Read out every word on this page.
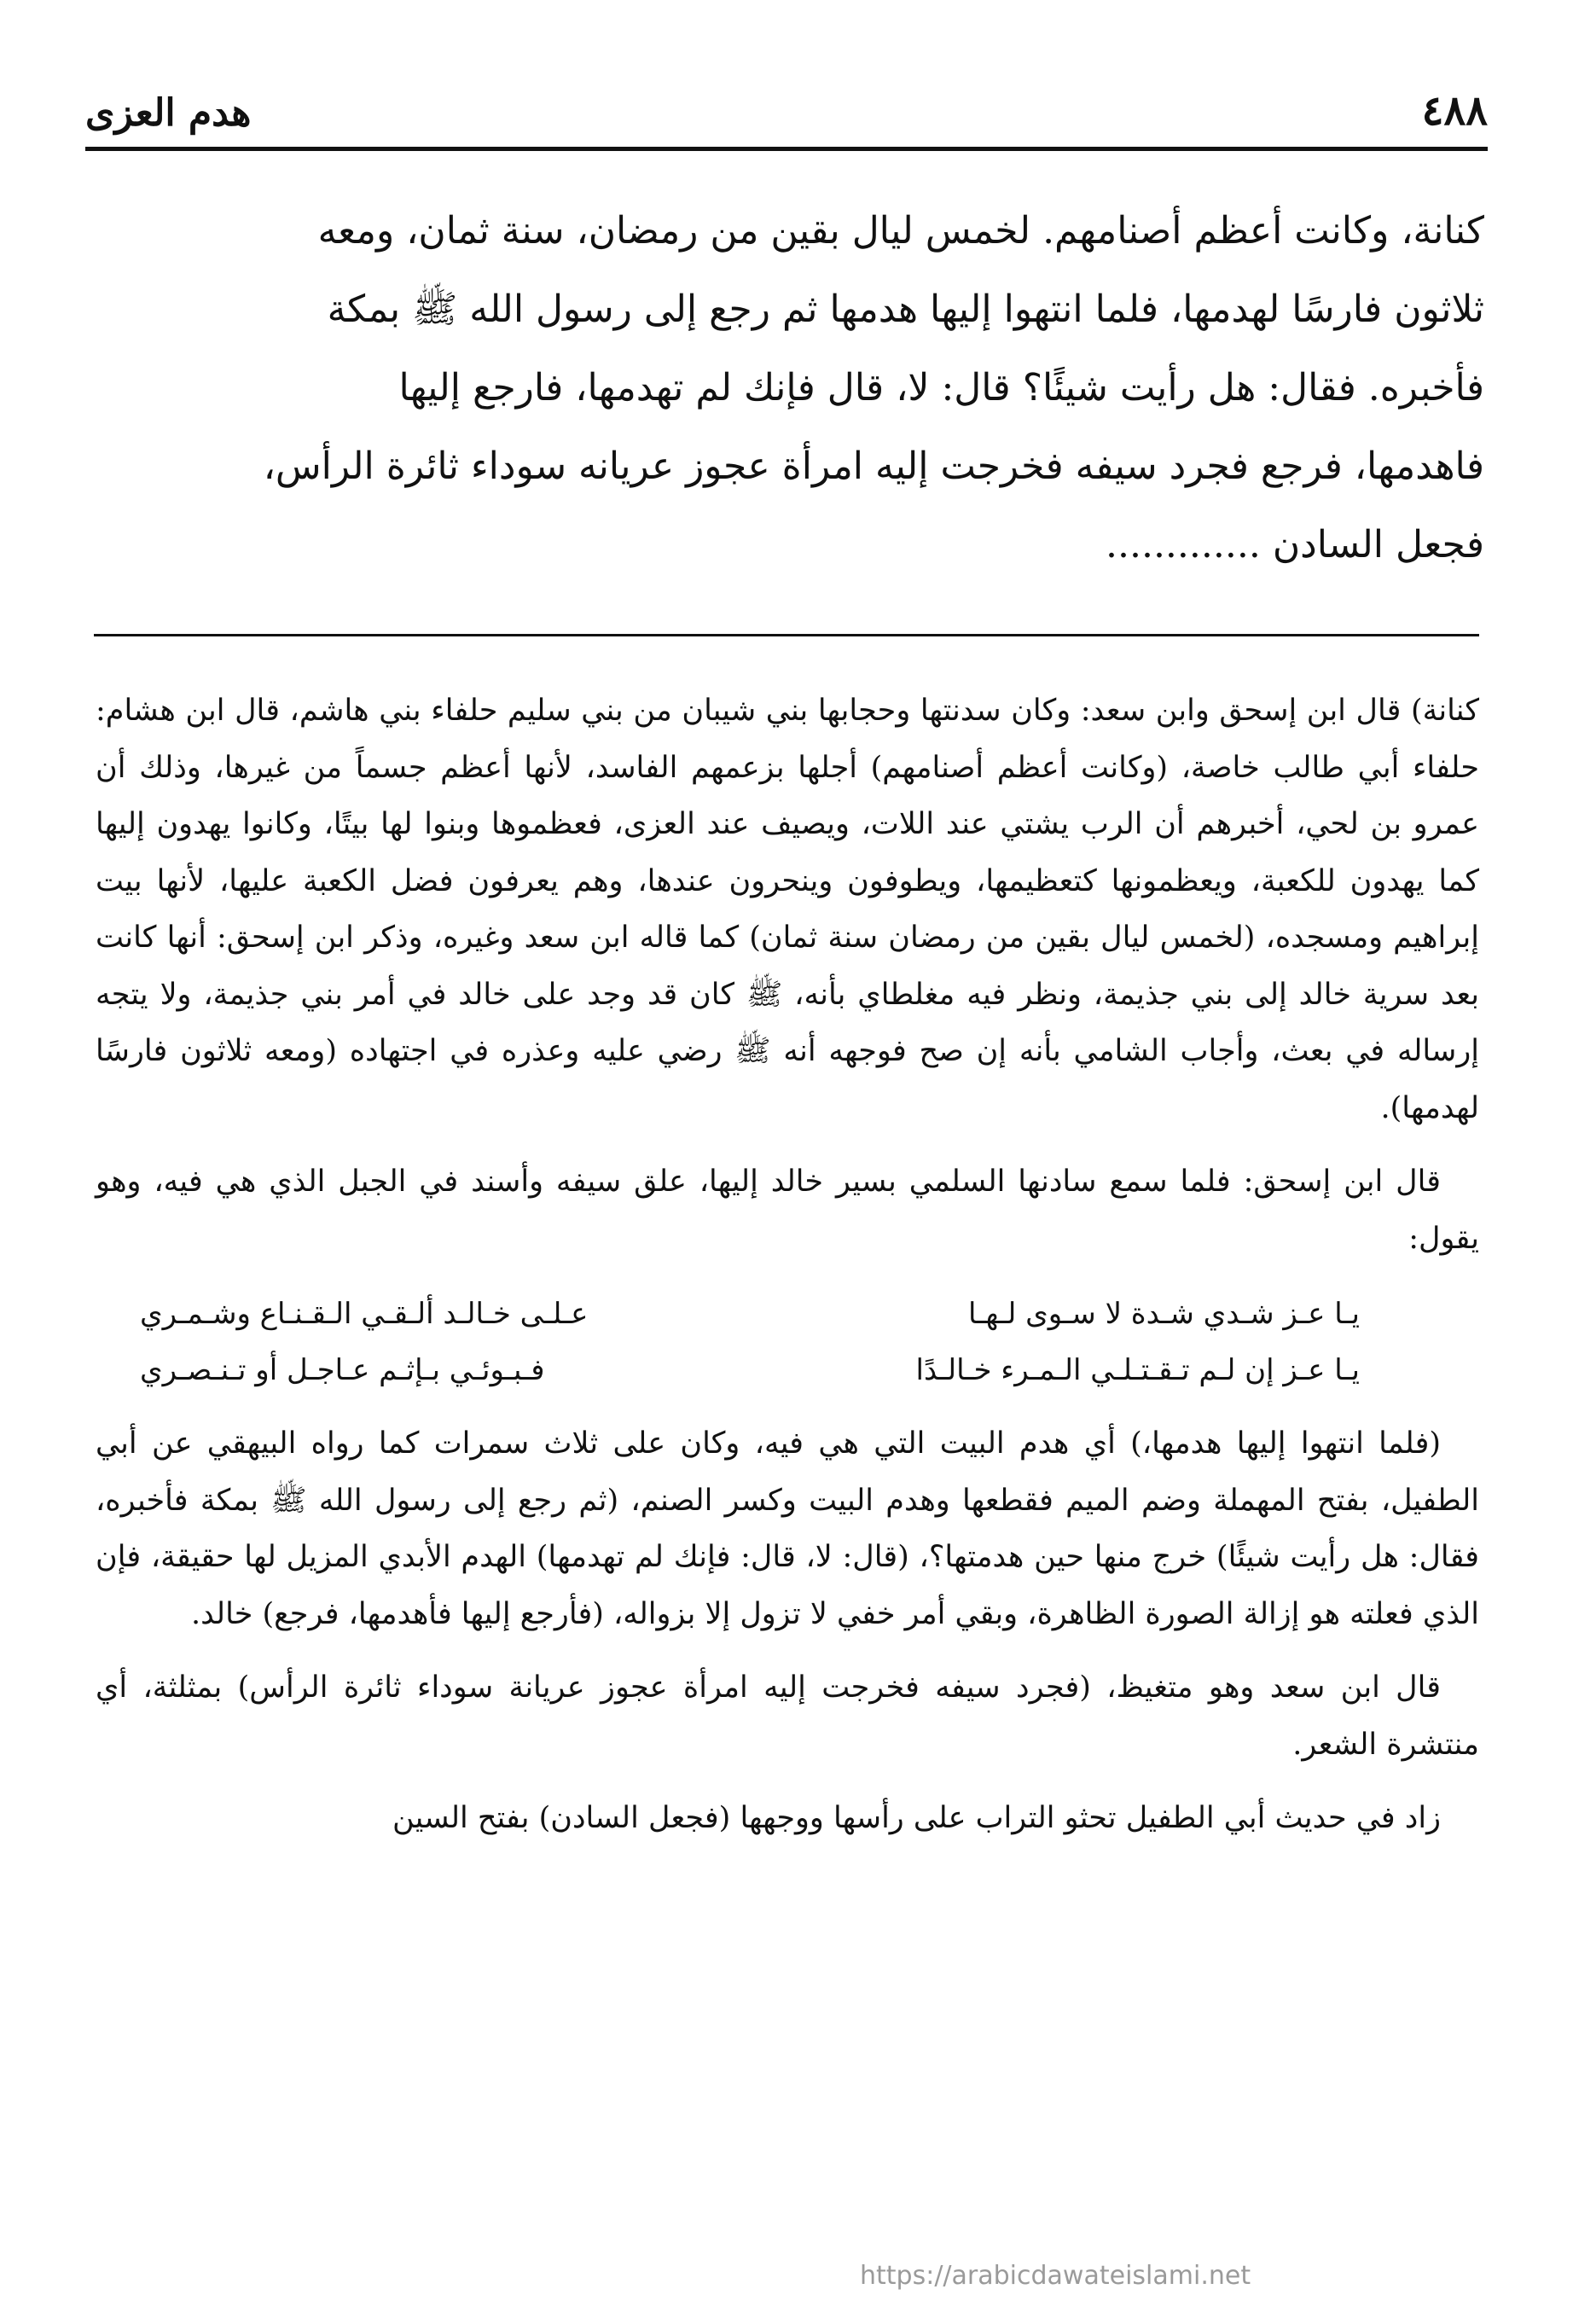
٤٨٨
هدم العزى

كنانة، وكانت أعظم أصنامهم. لخمس ليال بقين من رمضان، سنة ثمان، ومعه

ثلاثون فارسًا لهدمها، فلما انتهوا إليها هدمها ثم رجع إلى رسول الله ﷺ بمكة

فأخبره. فقال: هل رأيت شيئًا؟ قال: لا، قال فإنك لم تهدمها، فارجع إليها

فاهدمها، فرجع فجرد سيفه فخرجت إليه امرأة عجوز عريانه سوداء ثائرة الرأس،

فجعل السادن .............

كنانة) قال ابن إسحق وابن سعد: وكان سدنتها وحجابها بني شيبان من بني سليم حلفاء بني هاشم، قال ابن هشام: حلفاء أبي طالب خاصة، (وكانت أعظم أصنامهم) أجلها بزعمهم الفاسد، لأنها أعظم جسماً من غيرها، وذلك أن عمرو بن لحي، أخبرهم أن الرب يشتي عند اللات، ويصيف عند العزى، فعظموها وبنوا لها بيتًا، وكانوا يهدون إليها كما يهدون للكعبة، ويعظمونها كتعظيمها، ويطوفون وينحرون عندها، وهم يعرفون فضل الكعبة عليها، لأنها بيت إبراهيم ومسجده، (لخمس ليال بقين من رمضان سنة ثمان) كما قاله ابن سعد وغيره، وذكر ابن إسحق: أنها كانت بعد سرية خالد إلى بني جذيمة، ونظر فيه مغلطاي بأنه، ﷺ كان قد وجد على خالد في أمر بني جذيمة، ولا يتجه إرساله في بعث، وأجاب الشامي بأنه إن صح فوجهه أنه ﷺ رضي عليه وعذره في اجتهاده (ومعه ثلاثون فارسًا لهدمها).

قال ابن إسحق: فلما سمع سادنها السلمي بسير خالد إليها، علق سيفه وأسند في الجبل الذي هي فيه، وهو يقول:

يـا عـز شـدي شـدة لا سـوى لـهـا
عـلـى خـالـد ألـقـي الـقـنـاع وشـمـري
يـا عـز إن لـم تـقـتـلـي الـمـرء خـالـدًا
فـبـوئـي بـإثـم عـاجـل أو تـنـصـري

(فلما انتهوا إليها هدمها،) أي هدم البيت التي هي فيه، وكان على ثلاث سمرات كما رواه البيهقي عن أبي الطفيل، بفتح المهملة وضم الميم فقطعها وهدم البيت وكسر الصنم، (ثم رجع إلى رسول الله ﷺ بمكة فأخبره، فقال: هل رأيت شيئًا) خرج منها حين هدمتها؟، (قال: لا، قال: فإنك لم تهدمها) الهدم الأبدي المزيل لها حقيقة، فإن الذي فعلته هو إزالة الصورة الظاهرة، وبقي أمر خفي لا تزول إلا بزواله، (فأرجع إليها فأهدمها، فرجع) خالد.

قال ابن سعد وهو متغيظ، (فجرد سيفه فخرجت إليه امرأة عجوز عريانة سوداء ثائرة الرأس) بمثلثة، أي منتشرة الشعر.

زاد في حديث أبي الطفيل تحثو التراب على رأسها ووجهها (فجعل السادن) بفتح السين

https://arabicdawateislami.net
